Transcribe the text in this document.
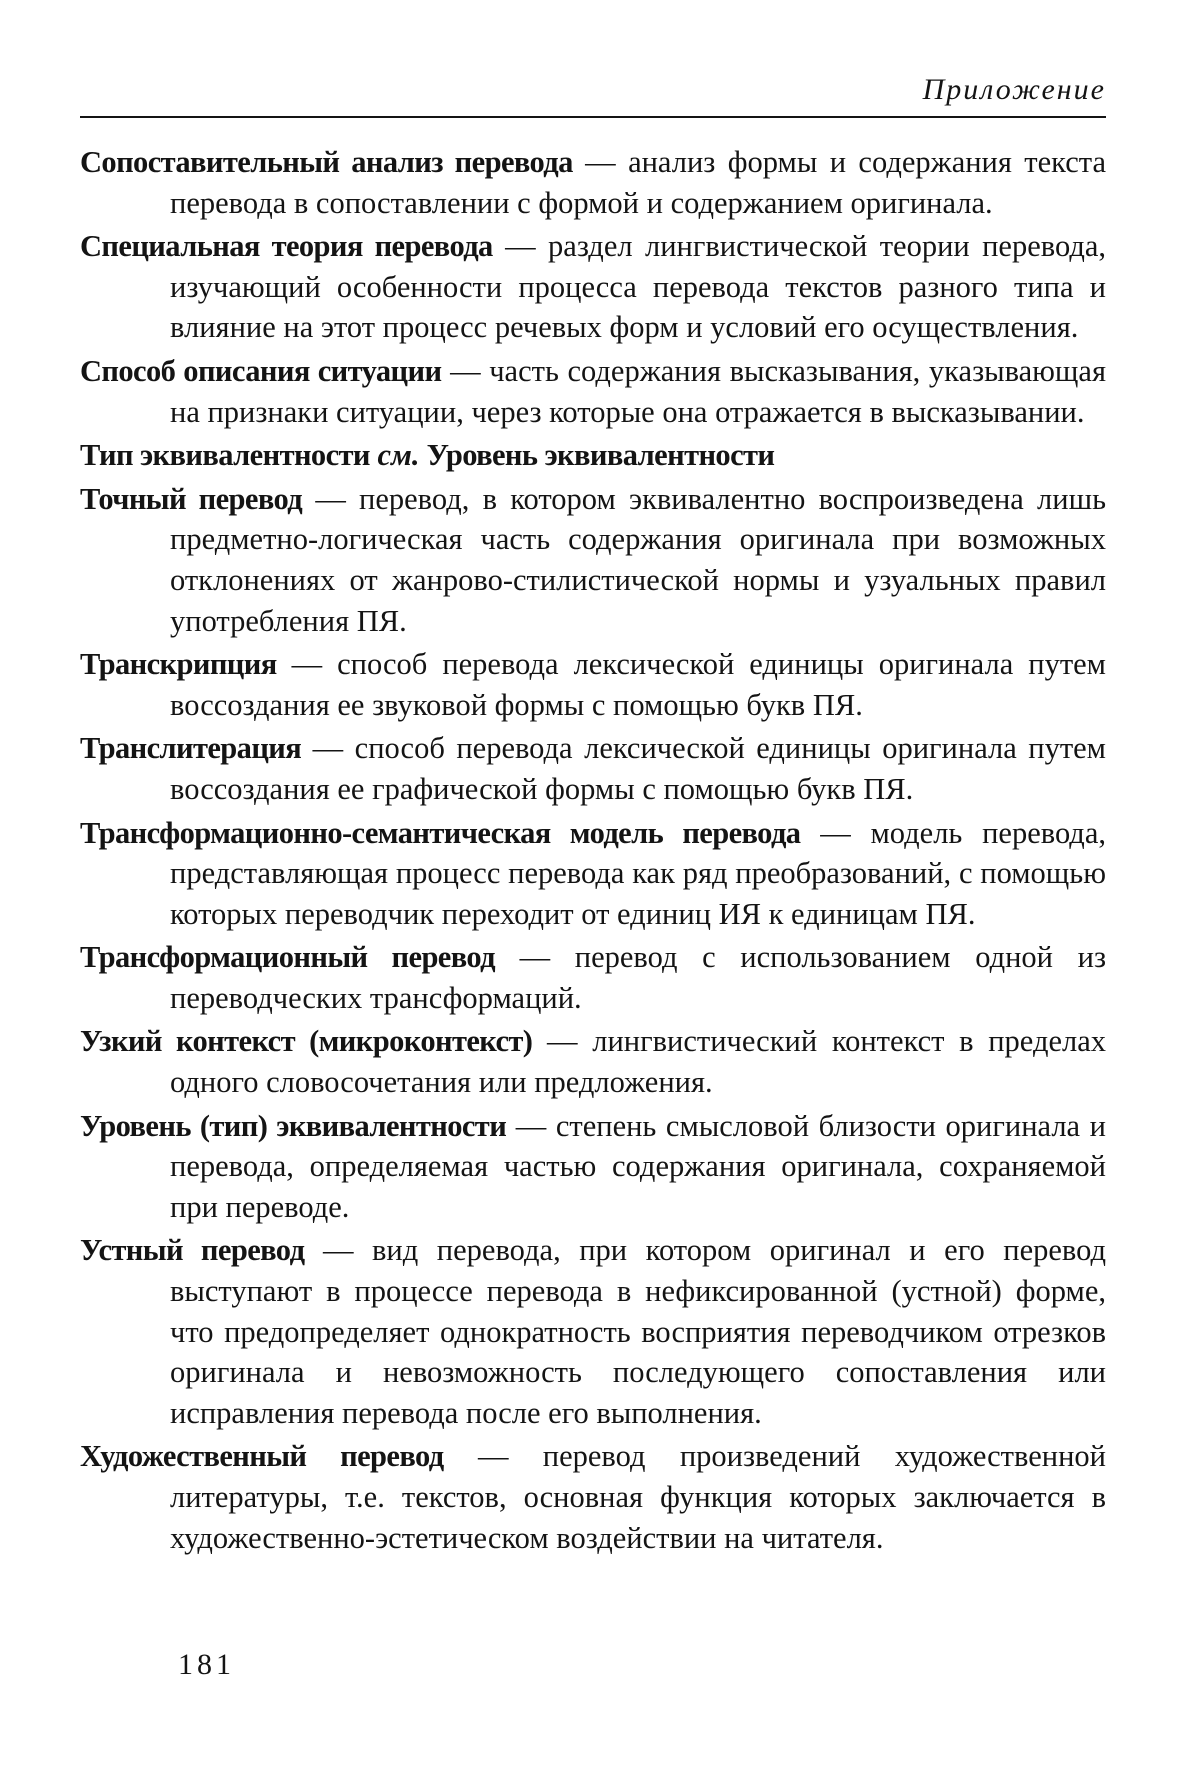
Приложение

Сопоставительный анализ перевода — анализ формы и содержания текста перевода в сопоставлении с формой и содержанием оригинала.

Специальная теория перевода — раздел лингвистической теории перевода, изучающий особенности процесса перевода текстов разного типа и влияние на этот процесс речевых форм и условий его осуществления.

Способ описания ситуации — часть содержания высказывания, указывающая на признаки ситуации, через которые она отражается в высказывании.

Тип эквивалентности см. Уровень эквивалентности

Точный перевод — перевод, в котором эквивалентно воспроизведена лишь предметно-логическая часть содержания оригинала при возможных отклонениях от жанрово-стилистической нормы и узуальных правил употребления ПЯ.

Транскрипция — способ перевода лексической единицы оригинала путем воссоздания ее звуковой формы с помощью букв ПЯ.

Транслитерация — способ перевода лексической единицы оригинала путем воссоздания ее графической формы с помощью букв ПЯ.

Трансформационно-семантическая модель перевода — модель перевода, представляющая процесс перевода как ряд преобразований, с помощью которых переводчик переходит от единиц ИЯ к единицам ПЯ.

Трансформационный перевод — перевод с использованием одной из переводческих трансформаций.

Узкий контекст (микроконтекст) — лингвистический контекст в пределах одного словосочетания или предложения.

Уровень (тип) эквивалентности — степень смысловой близости оригинала и перевода, определяемая частью содержания оригинала, сохраняемой при переводе.

Устный перевод — вид перевода, при котором оригинал и его перевод выступают в процессе перевода в нефиксированной (устной) форме, что предопределяет однократность восприятия переводчиком отрезков оригинала и невозможность последующего сопоставления или исправления перевода после его выполнения.

Художественный перевод — перевод произведений художественной литературы, т.е. текстов, основная функция которых заключается в художественно-эстетическом воздействии на читателя.

181
